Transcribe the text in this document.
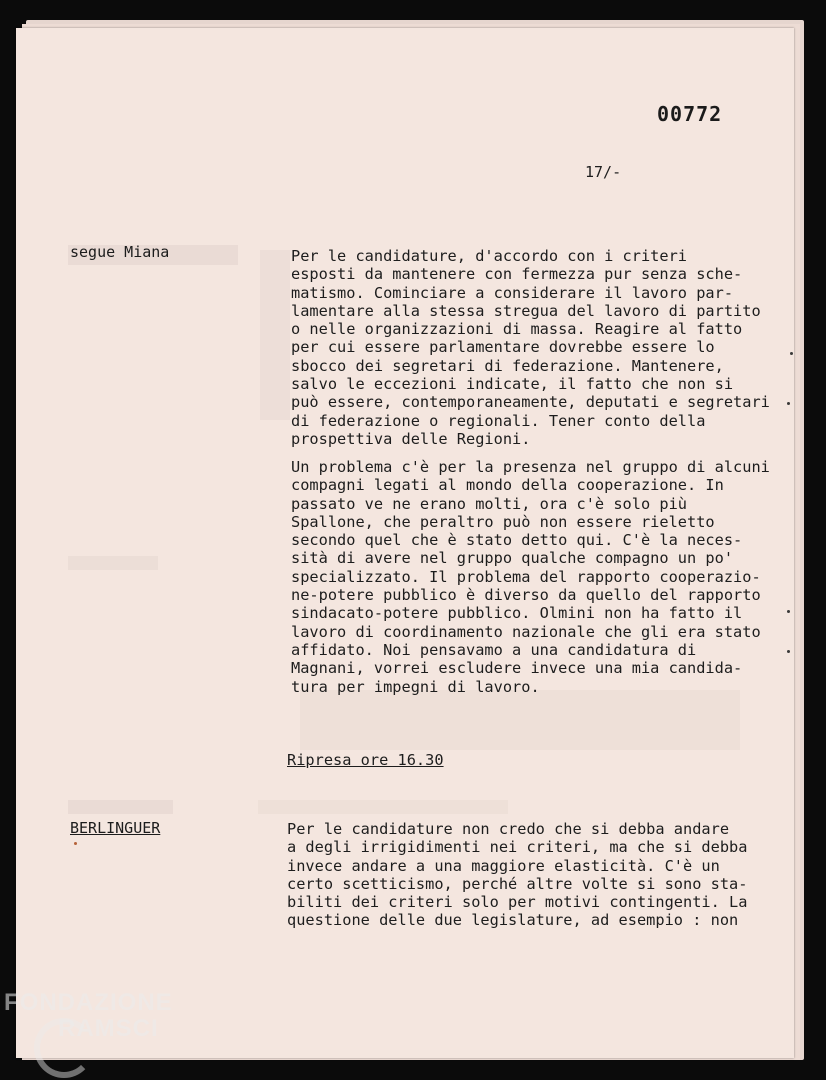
00772
17/-
segue Miana	Per le candidature, d'accordo con i criteri
esposti da mantenere con fermezza pur senza sche-
matismo. Cominciare a considerare il lavoro par-
lamentare alla stessa stregua del lavoro di partito
o nelle organizzazioni di massa. Reagire al fatto
per cui essere parlamentare dovrebbe essere lo
sbocco dei segretari di federazione. Mantenere,
salvo le eccezioni indicate, il fatto che non si
può essere, contemporaneamente, deputati e segretari
di federazione o regionali. Tener conto della
prospettiva delle Regioni.
Un problema c'è per la presenza nel gruppo di alcuni
compagni legati al mondo della cooperazione. In
passato ve ne erano molti, ora c'è solo più
Spallone, che peraltro può non essere rieletto
secondo quel che è stato detto qui. C'è la neces-
sità di avere nel gruppo qualche compagno un po'
specializzato. Il problema del rapporto cooperazio-
ne-potere pubblico è diverso da quello del rapporto
sindacato-potere pubblico. Olmini non ha fatto il
lavoro di coordinamento nazionale che gli era stato
affidato. Noi pensavamo a una candidatura di
Magnani, vorrei escludere invece una mia candida-
tura per impegni di lavoro.
Ripresa ore 16.30
BERLINGUER	Per le candidature non credo che si debba andare
a degli irrigidimenti nei criteri, ma che si debba
invece andare a una maggiore elasticità. C'è un
certo scetticismo, perché altre volte si sono sta-
biliti dei criteri solo per motivi contingenti. La
questione delle due legislature, ad esempio : non
FONDAZIONE
RAMSCI
